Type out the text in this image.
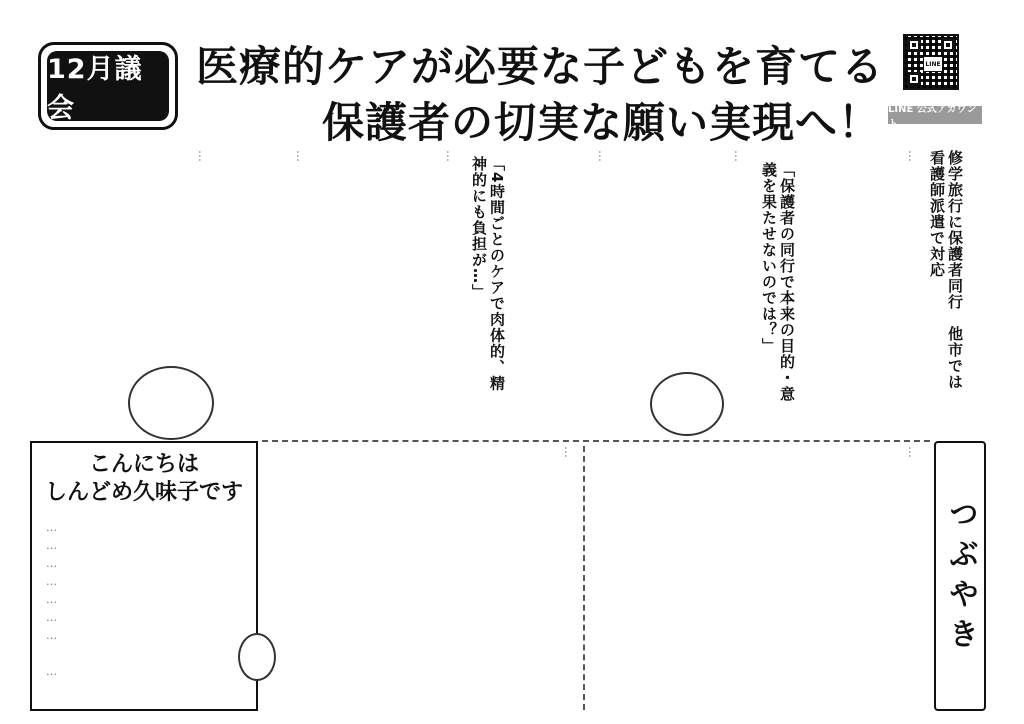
12月議会
医療的ケアが必要な子どもを育てる
保護者の切実な願い実現へ！
LINE
LINE 公式アカウント
修学旅行に保護者同行　他市では看護師派遣で対応
…
「保護者の同行で本来の目的・意義を果たせないのでは？」
…
…
「4時間ごとのケアで肉体的、精神的にも負担が…」
…
…
…
こんにちは
しんどめ久味子です
…
…
…
…
…
…
…
…
…
…
つぶやき
